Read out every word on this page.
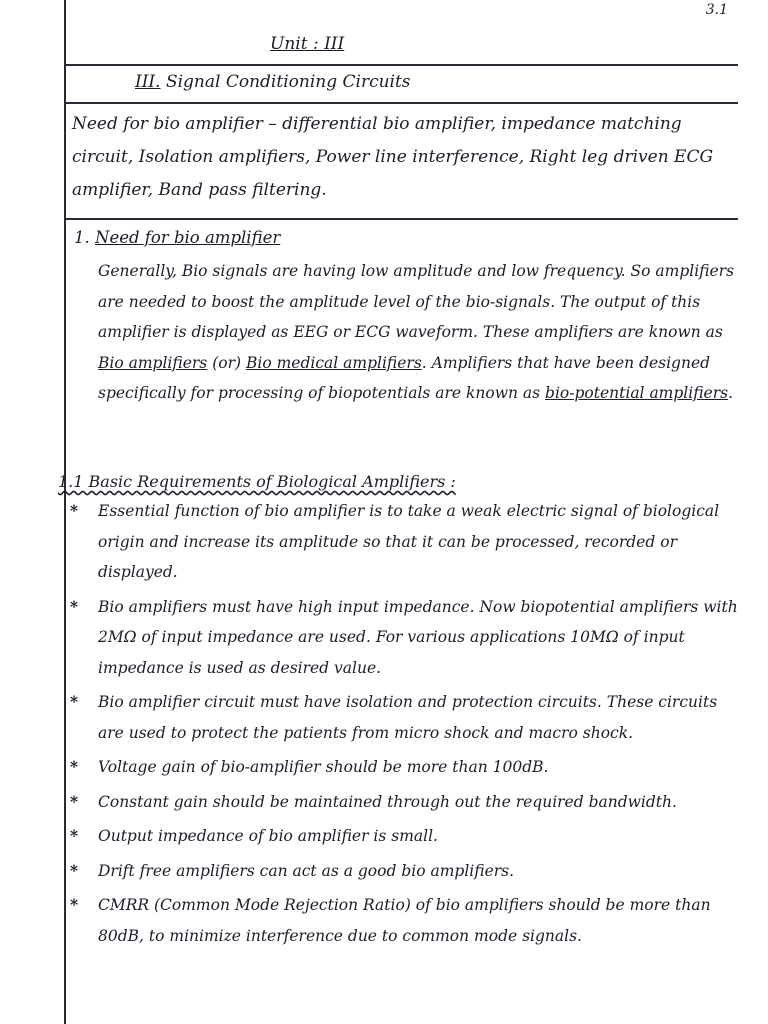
3.1
Unit : III
III. Signal Conditioning Circuits
Need for bio amplifier – differential bio amplifier, impedance matching circuit, Isolation amplifiers, Power line interference, Right leg driven ECG amplifier, Band pass filtering.
1. Need for bio amplifier
Generally, Bio signals are having low amplitude and low frequency. So amplifiers are needed to boost the amplitude level of the bio-signals. The output of this amplifier is displayed as EEG or ECG waveform. These amplifiers are known as Bio amplifiers (or) Bio medical amplifiers. Amplifiers that have been designed specifically for processing of biopotentials are known as bio-potential amplifiers.
1.1 Basic Requirements of Biological Amplifiers :
* Essential function of bio amplifier is to take a weak electric signal of biological origin and increase its amplitude so that it can be processed, recorded or displayed.
* Bio amplifiers must have high input impedance. Now biopotential amplifiers with 2MΩ of input impedance are used. For various applications 10MΩ of input impedance is used as desired value.
* Bio amplifier circuit must have isolation and protection circuits. These circuits are used to protect the patients from micro shock and macro shock.
* Voltage gain of bio-amplifier should be more than 100dB.
* Constant gain should be maintained through out the required bandwidth.
* Output impedance of bio amplifier is small.
* Drift free amplifiers can act as a good bio amplifiers.
* CMRR (Common Mode Rejection Ratio) of bio amplifiers should be more than 80dB, to minimize interference due to common mode signals.
